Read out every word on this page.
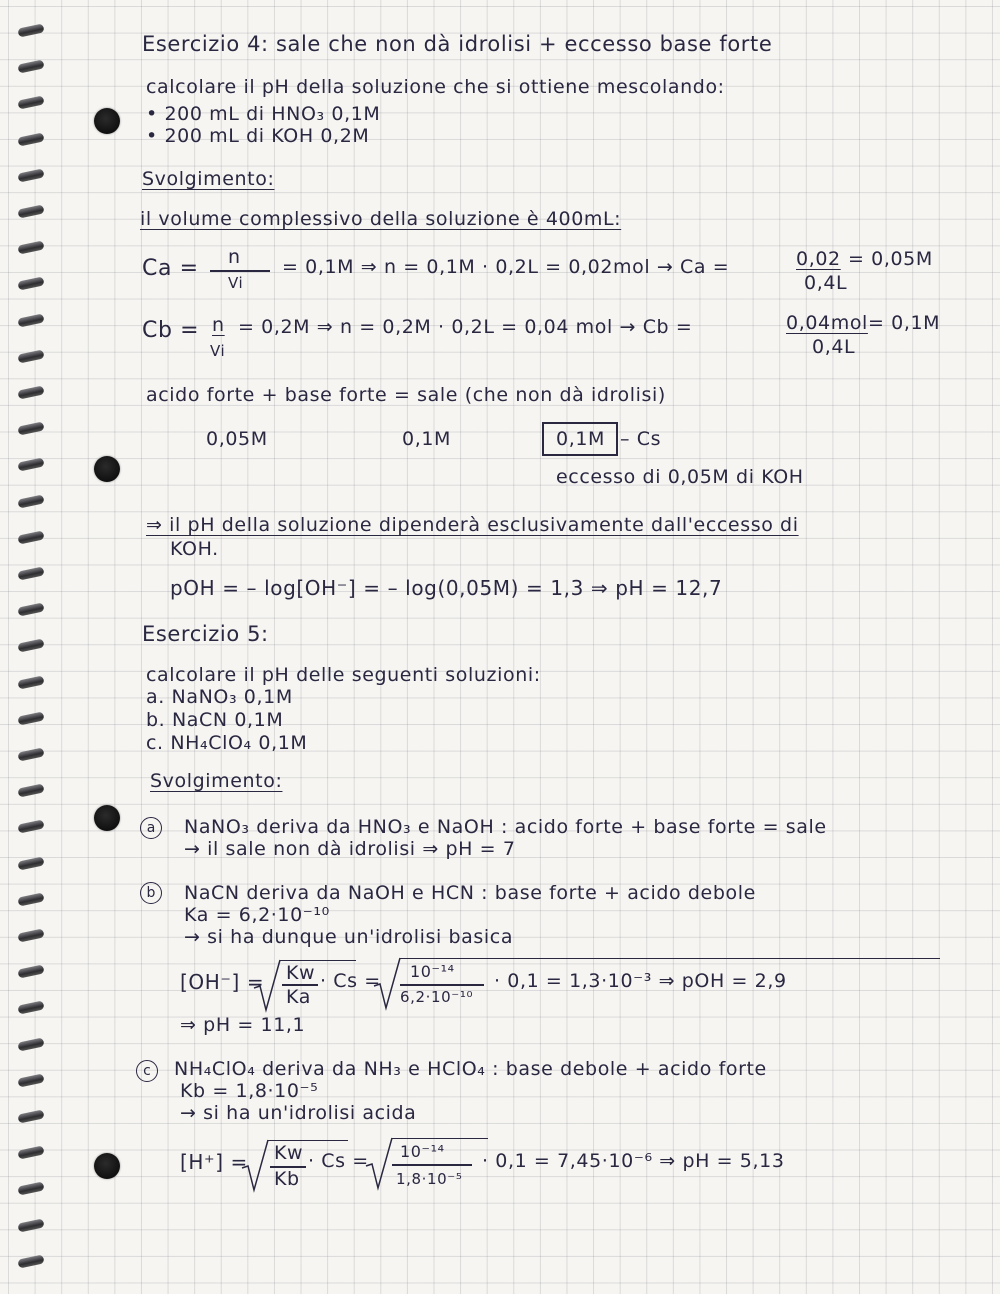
Esercizio 4: sale che non dà idrolisi + eccesso base forte
calcolare il pH della soluzione che si ottiene mescolando:
• 200 mL di HNO₃ 0,1M
• 200 mL di KOH 0,2M
Svolgimento:
il volume complessivo della soluzione è 400mL:
Ca = n
Vi
= 0,1M ⇒ n = 0,1M · 0,2L = 0,02mol → Ca =	0,02
0,4L
= 0,05M
Cb = n
Vi
= 0,2M ⇒ n = 0,2M · 0,2L = 0,04 mol → Cb =	0,04mol
0,4L
= 0,1M
acido forte + base forte = sale (che non dà idrolisi)
0,05M	0,1M	0,1M – Cs
eccesso di 0,05M di KOH
⇒ il pH della soluzione dipenderà esclusivamente dall'eccesso di
KOH.
pOH = – log[OH⁻] = – log(0,05M) = 1,3 ⇒ pH = 12,7
Esercizio 5:
calcolare il pH delle seguenti soluzioni:
a. NaNO₃ 0,1M
b. NaCN 0,1M
c. NH₄ClO₄ 0,1M
Svolgimento:
a	NaNO₃ deriva da HNO₃ e NaOH : acido forte + base forte = sale
→ il sale non dà idrolisi ⇒ pH = 7
b	NaCN deriva da NaOH e HCN : base forte + acido debole
Ka = 6,2·10⁻¹⁰
→ si ha dunque un'idrolisi basica
[OH⁻] = Kw
Ka
· Cs = 10⁻¹⁴
6,2·10⁻¹⁰
· 0,1 = 1,3·10⁻³ ⇒ pOH = 2,9
⇒ pH = 11,1
c	NH₄ClO₄ deriva da NH₃ e HClO₄ : base debole + acido forte
Kb = 1,8·10⁻⁵
→ si ha un'idrolisi acida
[H⁺] = Kw
Kb
· Cs = 10⁻¹⁴
1,8·10⁻⁵
· 0,1 = 7,45·10⁻⁶ ⇒ pH = 5,13
